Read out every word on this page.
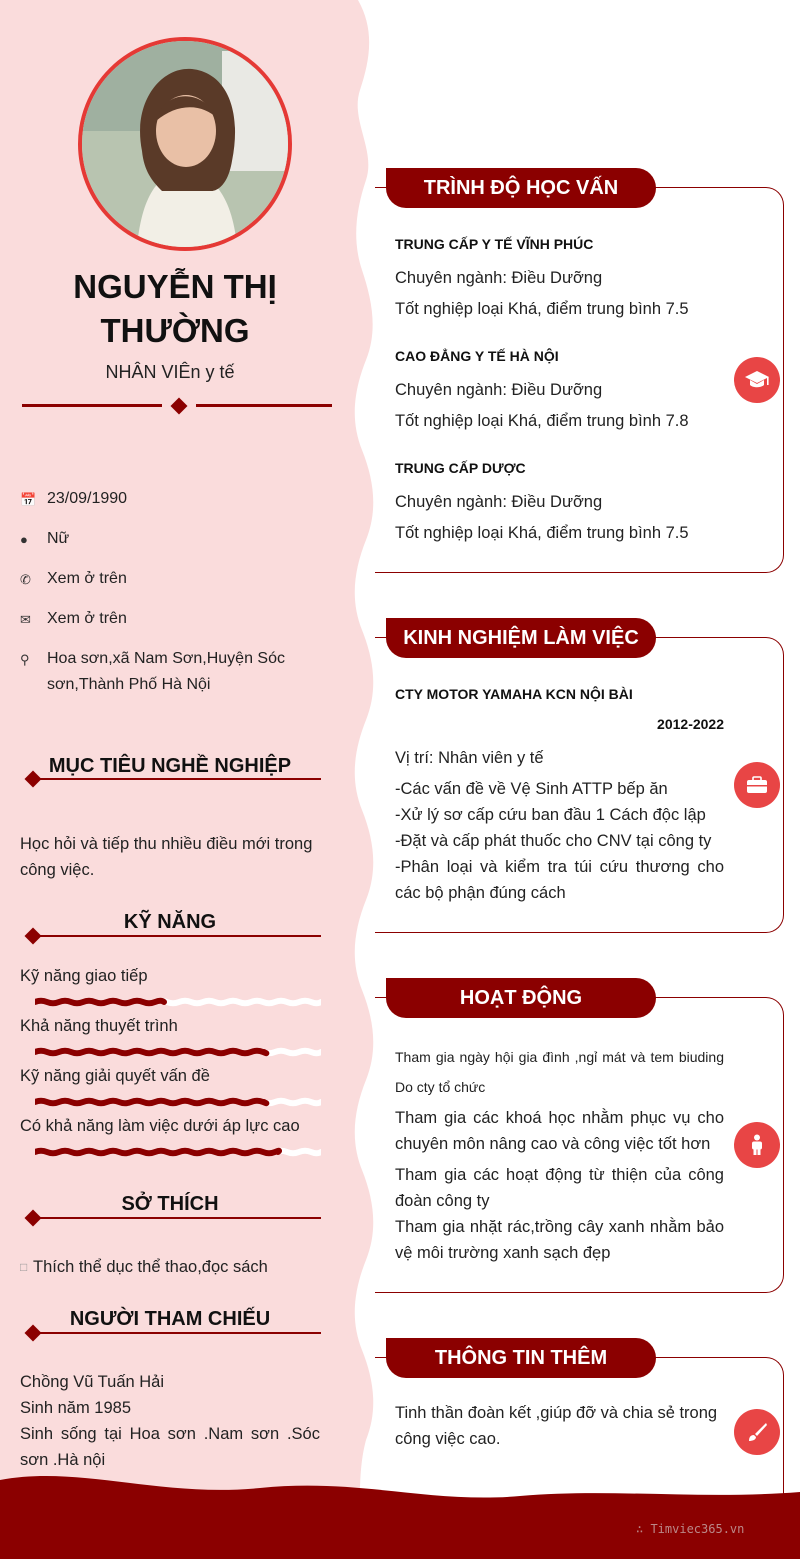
NGUYỄN THỊ THƯỜNG
NHÂN VIÊn y tế
📅 23/09/1990
●	Nữ
✆	Xem ở trên
✉	Xem ở trên
⚲	Hoa sơn,xã Nam Sơn,Huyện Sóc sơn,Thành Phố Hà Nội
MỤC TIÊU NGHỀ NGHIỆP
Học hỏi và tiếp thu nhiều điều mới trong công việc.
KỸ NĂNG
Kỹ năng giao tiếp
Khả năng thuyết trình
Kỹ năng giải quyết vấn đề
Có khả năng làm việc dưới áp lực cao
SỞ THÍCH
□ Thích thể dục thể thao,đọc sách
NGƯỜI THAM CHIẾU
Chồng Vũ Tuấn Hải
Sinh năm 1985
Sinh sống tại Hoa sơn .Nam sơn .Sóc sơn .Hà nội
TRÌNH ĐỘ HỌC VẤN
TRUNG CẤP Y TẾ VĨNH PHÚC
Chuyên ngành: Điều Dưỡng
Tốt nghiệp loại Khá, điểm trung bình 7.5
CAO ĐẲNG Y TẾ HÀ NỘI
Chuyên ngành: Điều Dưỡng
Tốt nghiệp loại Khá, điểm trung bình 7.8
TRUNG CẤP DƯỢC
Chuyên ngành: Điều Dưỡng
Tốt nghiệp loại Khá, điểm trung bình 7.5
KINH NGHIỆM LÀM VIỆC
CTY MOTOR YAMAHA KCN NỘI BÀI
2012-2022
Vị trí: Nhân viên y tế
-Các vấn đề về Vệ Sinh ATTP bếp ăn
-Xử lý sơ cấp cứu ban đầu 1 Cách độc lập
-Đặt và cấp phát thuốc cho CNV tại công ty
-Phân loại và kiểm tra túi cứu thương cho các bộ phận đúng cách
HOẠT ĐỘNG
Tham gia ngày hội gia đình ,ngỉ mát và tem biuding Do cty tổ chức
Tham gia các khoá học nhằm phục vụ cho chuyên môn nâng cao và công việc tốt hơn
Tham gia các hoạt động từ thiện của công đoàn công ty
Tham gia nhặt rác,trồng cây xanh nhằm bảo vệ môi trường xanh sạch đẹp
THÔNG TIN THÊM
Tinh thần đoàn kết ,giúp đỡ và chia sẻ trong công việc cao.
∴ Timviec365.vn
